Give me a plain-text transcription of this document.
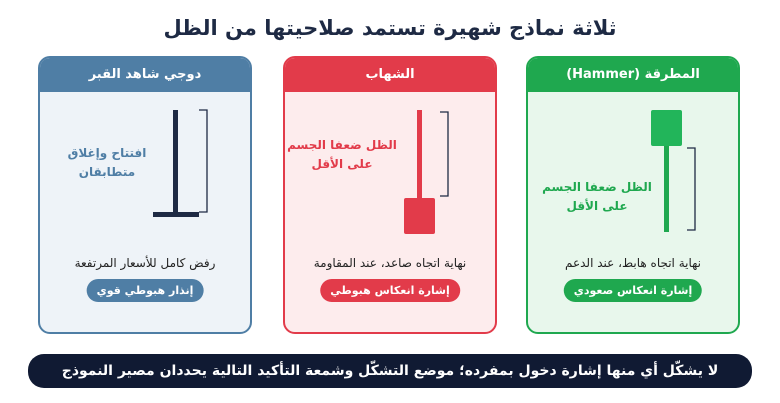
ثلاثة نماذج شهيرة تستمد صلاحيتها من الظل
المطرقة (Hammer)
الظل ضعفا الجسم
على الأقل
نهاية اتجاه هابط، عند الدعم
إشارة انعكاس صعودي
الشهاب
الظل ضعفا الجسم
على الأقل
نهاية اتجاه صاعد، عند المقاومة
إشارة انعكاس هبوطي
دوجي شاهد القبر
افتتاح وإغلاق
متطابقان
رفض كامل للأسعار المرتفعة
إنذار هبوطي قوي
لا يشكّل أي منها إشارة دخول بمفرده؛ موضع التشكّل وشمعة التأكيد التالية يحددان مصير النموذج
